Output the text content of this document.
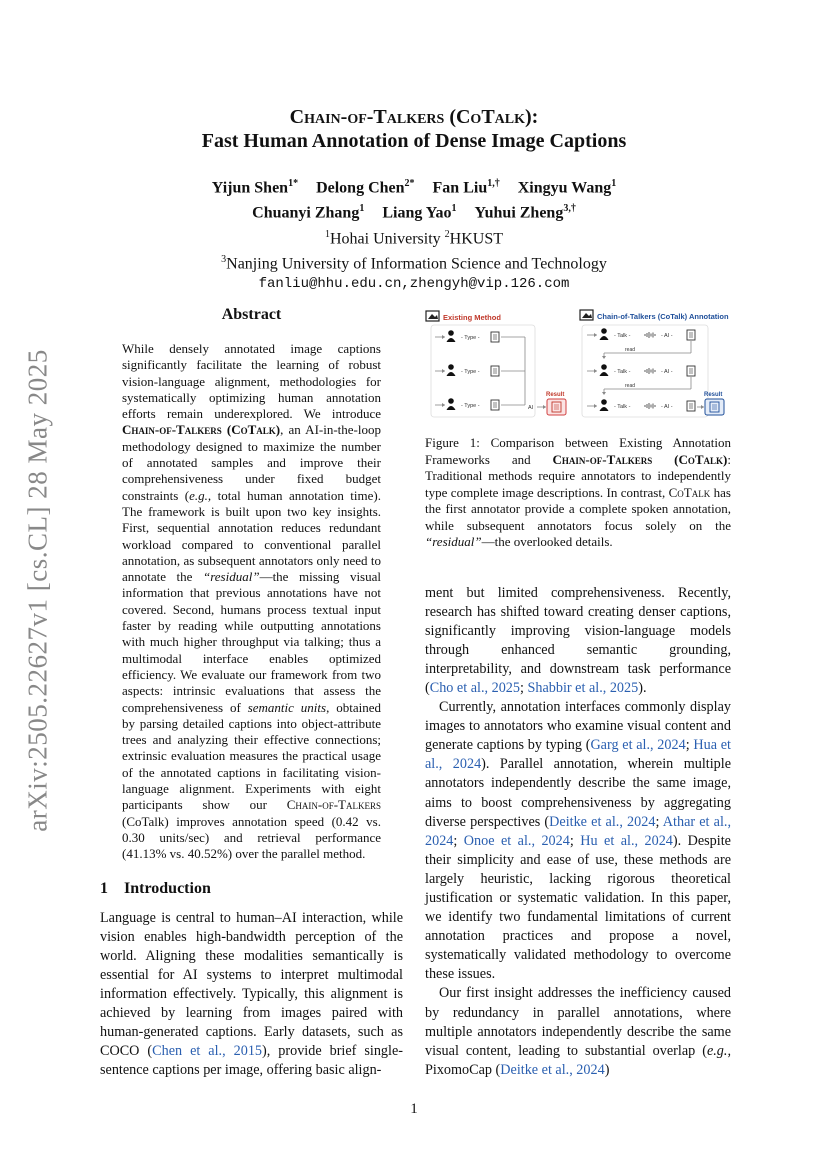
arXiv:2505.22627v1 [cs.CL] 28 May 2025
Chain-of-Talkers (CoTalk):
Fast Human Annotation of Dense Image Captions
Yijun Shen$^{1*}$ Delong Chen$^{2*}$ Fan Liu$^{1,\dagger}$ Xingyu Wang$^1$
Chuanyi Zhang$^1$ Liang Yao$^1$ Yuhui Zheng$^{3,\dagger}$
$^1$Hohai University $^2$HKUST
$^3$Nanjing University of Information Science and Technology
fanliu@hhu.edu.cn,zhengyh@vip.126.com
Abstract

While densely annotated image captions significantly facilitate the learning of robust vision-language alignment, methodologies for systematically optimizing human annotation efforts remain underexplored. We introduce Chain-of-Talkers (CoTalk), an AI-in-the-loop methodology designed to maximize the number of annotated samples and improve their comprehensiveness under fixed budget constraints (e.g., total human annotation time). The framework is built upon two key insights. First, sequential annotation reduces redundant workload compared to conventional parallel annotation, as subsequent annotators only need to annotate the “residual”—the missing visual information that previous annotations have not covered. Second, humans process textual input faster by reading while outputting annotations with much higher throughput via talking; thus a multimodal interface enables optimized efficiency. We evaluate our framework from two aspects: intrinsic evaluations that assess the comprehensiveness of semantic units, obtained by parsing detailed captions into object-attribute trees and analyzing their effective connections; extrinsic evaluation measures the practical usage of the annotated captions in facilitating vision-language alignment. Experiments with eight participants show our Chain-of-Talkers (CoTalk) improves annotation speed (0.42 vs. 0.30 units/sec) and retrieval performance (41.13% vs. 40.52%) over the parallel method.

1 Introduction

Language is central to human–AI interaction, while vision enables high-bandwidth perception of the world. Aligning these modalities semantically is essential for AI systems to interpret multimodal information effectively. Typically, this alignment is achieved by learning from images paired with human-generated captions. Early datasets, such as COCO (Chen et al., 2015), provide brief single-sentence captions per image, offering basic align-

Existing Method	Chain-of-Talkers (CoTalk) Annotation
- Type -
- Type -
- Type -	AI
- Talk -	- AI -
read
- Talk -	- AI -
read
- Talk -	- AI -
Result	Result

Figure 1: Comparison between Existing Annotation Frameworks and Chain-of-Talkers (CoTalk): Traditional methods require annotators to independently type complete image descriptions. In contrast, CoTalk has the first annotator provide a complete spoken annotation, while subsequent annotators focus solely on the “residual”—the overlooked details.

ment but limited comprehensiveness. Recently, research has shifted toward creating denser captions, significantly improving vision-language models through enhanced semantic grounding, interpretability, and downstream task performance (Cho et al., 2025; Shabbir et al., 2025).

Currently, annotation interfaces commonly display images to annotators who examine visual content and generate captions by typing (Garg et al., 2024; Hua et al., 2024). Parallel annotation, wherein multiple annotators independently describe the same image, aims to boost comprehensiveness by aggregating diverse perspectives (Deitke et al., 2024; Athar et al., 2024; Onoe et al., 2024; Hu et al., 2024). Despite their simplicity and ease of use, these methods are largely heuristic, lacking rigorous theoretical justification or systematic validation. In this paper, we identify two fundamental limitations of current annotation practices and propose a novel, systematically validated methodology to overcome these issues.

Our first insight addresses the inefficiency caused by redundancy in parallel annotations, where multiple annotators independently describe the same visual content, leading to substantial overlap (e.g., PixomoCap (Deitke et al., 2024)

1
